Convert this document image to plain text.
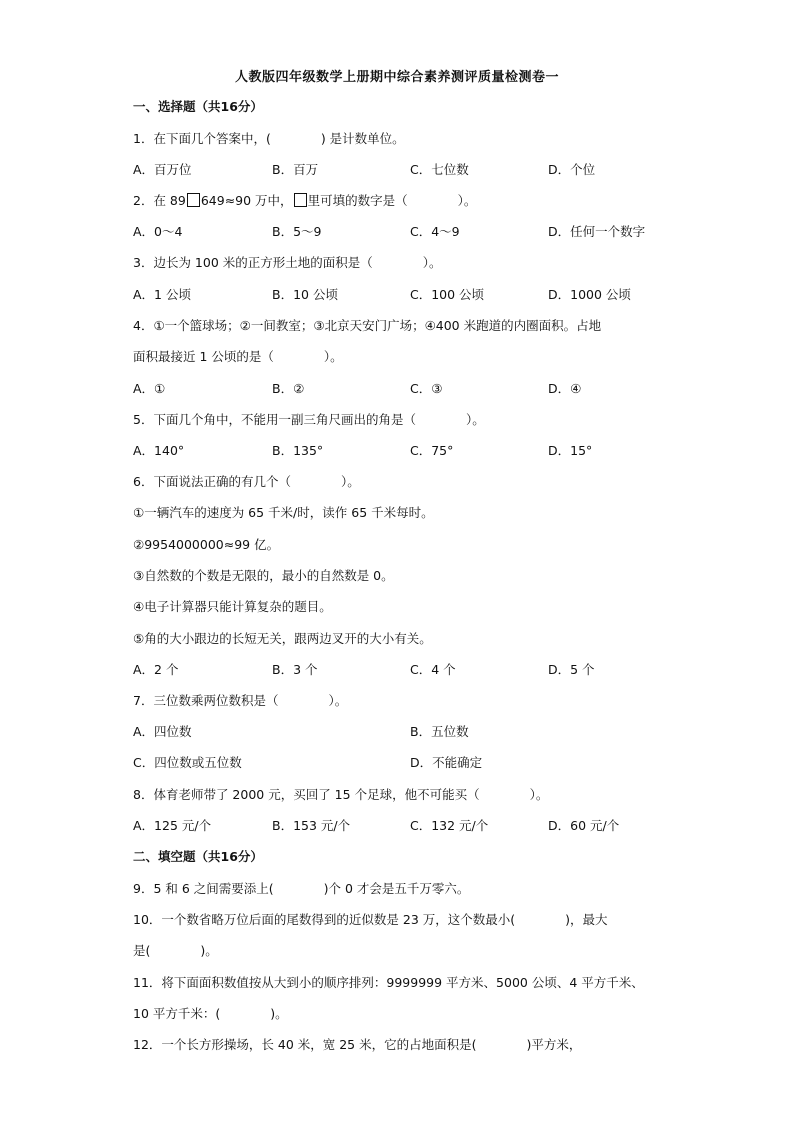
人教版四年级数学上册期中综合素养测评质量检测卷一
一、选择题（共16分）
1．在下面几个答案中，(　　　　) 是计数单位。
A．百万位	B．百万	C．七位数	D．个位
2．在 89 649≈90 万中， 里可填的数字是（　　　　）。
A．0～4	B．5～9	C．4～9	D．任何一个数字
3．边长为 100 米的正方形土地的面积是（　　　　）。
A．1 公顷	B．10 公顷	C．100 公顷	D．1000 公顷
4．①一个篮球场；②一间教室；③北京天安门广场；④400 米跑道的内圈面积。占地
面积最接近 1 公顷的是（　　　　）。
A．①	B．②	C．③	D．④
5．下面几个角中，不能用一副三角尺画出的角是（　　　　）。
A．140°	B．135°	C．75°	D．15°
6．下面说法正确的有几个（　　　　）。
①一辆汽车的速度为 65 千米/时，读作 65 千米每时。
②9954000000≈99 亿。
③自然数的个数是无限的，最小的自然数是 0。
④电子计算器只能计算复杂的题目。
⑤角的大小跟边的长短无关，跟两边叉开的大小有关。
A．2 个	B．3 个	C．4 个	D．5 个
7．三位数乘两位数积是（　　　　）。
A．四位数	B．五位数
C．四位数或五位数	D．不能确定
8．体育老师带了 2000 元，买回了 15 个足球，他不可能买（　　　　）。
A．125 元/个	B．153 元/个	C．132 元/个	D．60 元/个
二、填空题（共16分）
9．5 和 6 之间需要添上(　　　　)个 0 才会是五千万零六。
10．一个数省略万位后面的尾数得到的近似数是 23 万，这个数最小(　　　　)，最大
是(　　　　)。
11．将下面面积数值按从大到小的顺序排列：9999999 平方米、5000 公顷、4 平方千米、
10 平方千米：(　　　　)。
12．一个长方形操场，长 40 米，宽 25 米，它的占地面积是(　　　　)平方米，
